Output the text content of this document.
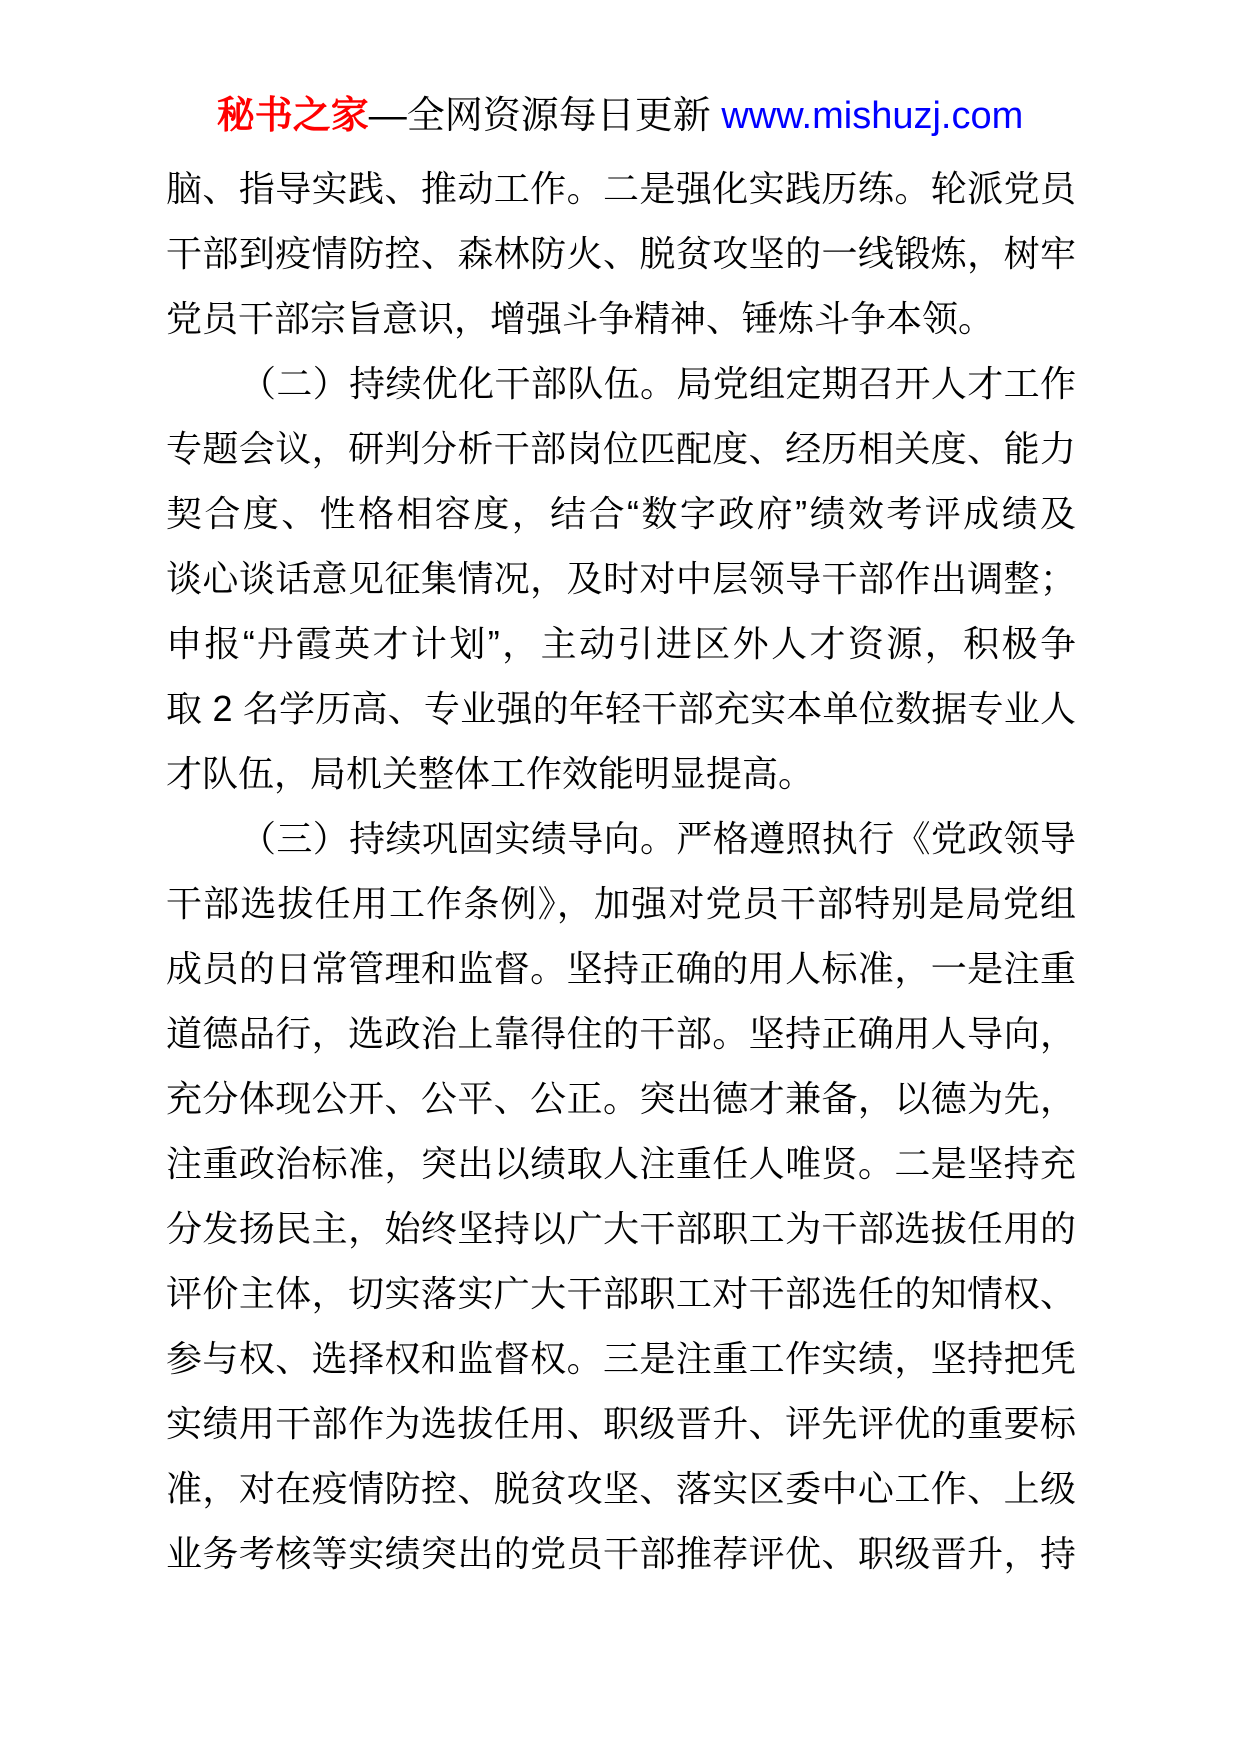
秘书之家—全网资源每日更新 www.mishuzj.com
脑、指导实践、推动工作。二是强化实践历练。轮派党员
干部到疫情防控、森林防火、脱贫攻坚的一线锻炼，树牢
党员干部宗旨意识，增强斗争精神、锤炼斗争本领。
（二）持续优化干部队伍。局党组定期召开人才工作
专题会议，研判分析干部岗位匹配度、经历相关度、能力
契合度、性格相容度，结合“数字政府”绩效考评成绩及
谈心谈话意见征集情况，及时对中层领导干部作出调整；
申报“丹霞英才计划”，主动引进区外人才资源，积极争
取 2 名学历高、专业强的年轻干部充实本单位数据专业人
才队伍，局机关整体工作效能明显提高。
（三）持续巩固实绩导向。严格遵照执行《党政领导
干部选拔任用工作条例》，加强对党员干部特别是局党组
成员的日常管理和监督。坚持正确的用人标准，一是注重
道德品行，选政治上靠得住的干部。坚持正确用人导向，
充分体现公开、公平、公正。突出德才兼备，以德为先，
注重政治标准，突出以绩取人注重任人唯贤。二是坚持充
分发扬民主，始终坚持以广大干部职工为干部选拔任用的
评价主体，切实落实广大干部职工对干部选任的知情权、
参与权、选择权和监督权。三是注重工作实绩，坚持把凭
实绩用干部作为选拔任用、职级晋升、评先评优的重要标
准，对在疫情防控、脱贫攻坚、落实区委中心工作、上级
业务考核等实绩突出的党员干部推荐评优、职级晋升，持
